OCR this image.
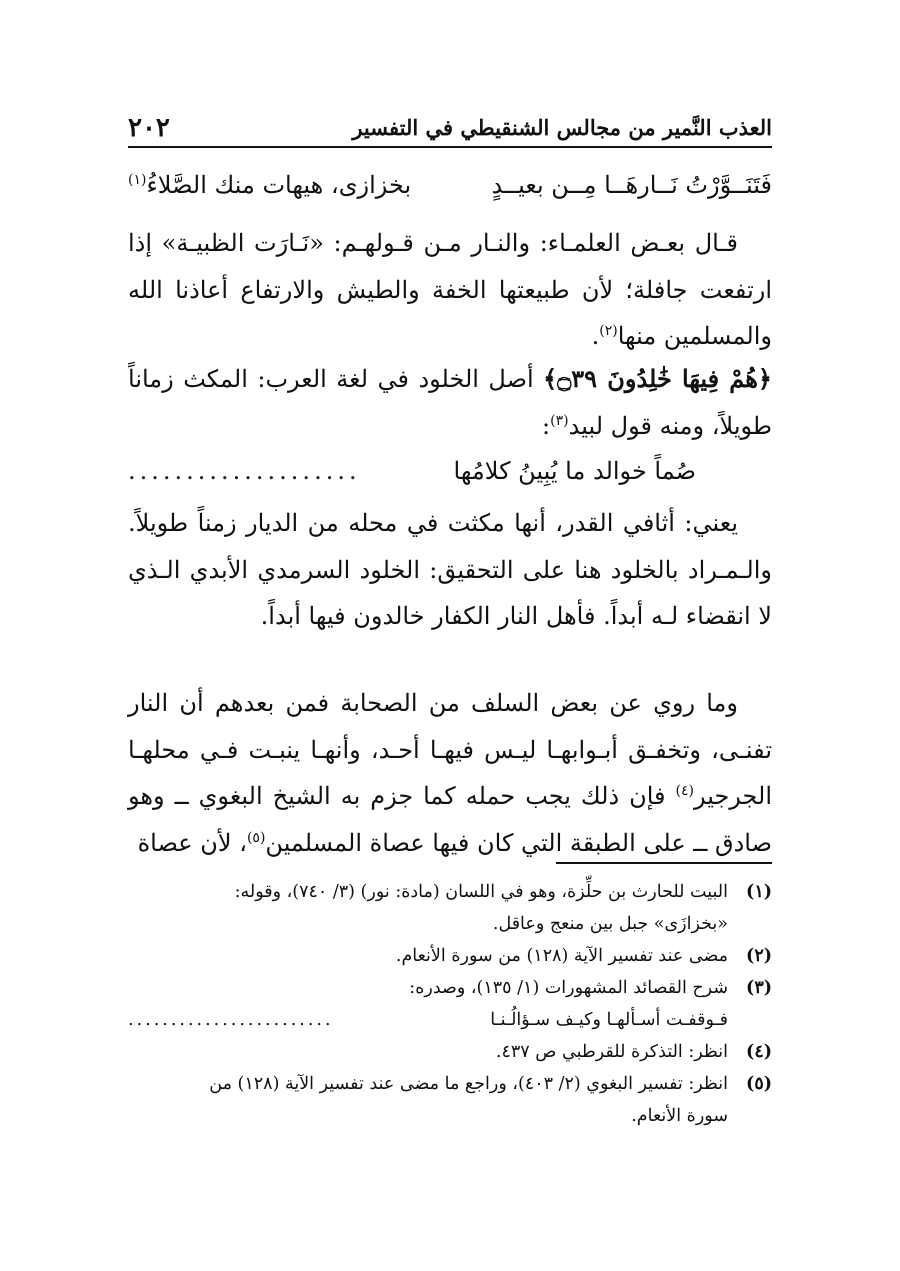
٢٠٢	العذب النَّمير من مجالس الشنقيطي في التفسير
فَتَنَــوَّرْتُ نَــارهَــا مِــن بعيــدٍ
بخزازى، هيهات منك الصَّلاءُ$^{(١)}$
قـال بعـض العلمـاء: والنـار مـن قـولهـم: «نَـارَت الظبيـة» إذا ارتفعت جافلة؛ لأن طبيعتها الخفة والطيش والارتفاع أعاذنا الله والمسلمين منها$^{(٢)}$.
﴿هُمْ فِيهَا خَٰلِدُونَ ۝٣٩﴾ أصل الخلود في لغة العرب: المكث زماناً طويلاً، ومنه قول لبيد$^{(٣)}$:
صُماً خوالد ما يُبِينُ كلامُها
....................
يعني: أثافي القدر، أنها مكثت في محله من الديار زمناً طويلاً. والـمـراد بالخلود هنا على التحقيق: الخلود السرمدي الأبدي الـذي لا انقضاء لـه أبداً. فأهل النار الكفار خالدون فيها أبداً.
وما روي عن بعض السلف من الصحابة فمن بعدهم أن النار تفنـى، وتخفـق أبـوابهـا ليـس فيهـا أحـد، وأنهـا ينبـت فـي محلهـا الجرجير$^{(٤)}$ فإن ذلك يجب حمله كما جزم به الشيخ البغوي ــ وهو صادق ــ على الطبقة التي كان فيها عصاة المسلمين$^{(٥)}$، لأن عصاة
(١)
البيت للحارث بن حلِّزة، وهو في اللسان (مادة: نور) (٣/ ٧٤٠)، وقوله:
«بخزازَى» جبل بين منعج وعاقل.
(٢)
مضى عند تفسير الآية (١٢٨) من سورة الأنعام.
(٣)
شرح القصائد المشهورات (١/ ١٣٥)، وصدره:
فـوقفـت أسـألهـا وكيـف سـؤالُـنـا
........................
(٤)
انظر: التذكرة للقرطبي ص ٤٣٧.
(٥)
انظر: تفسير البغوي (٢/ ٤٠٣)، وراجع ما مضى عند تفسير الآية (١٢٨) من
سورة الأنعام.
